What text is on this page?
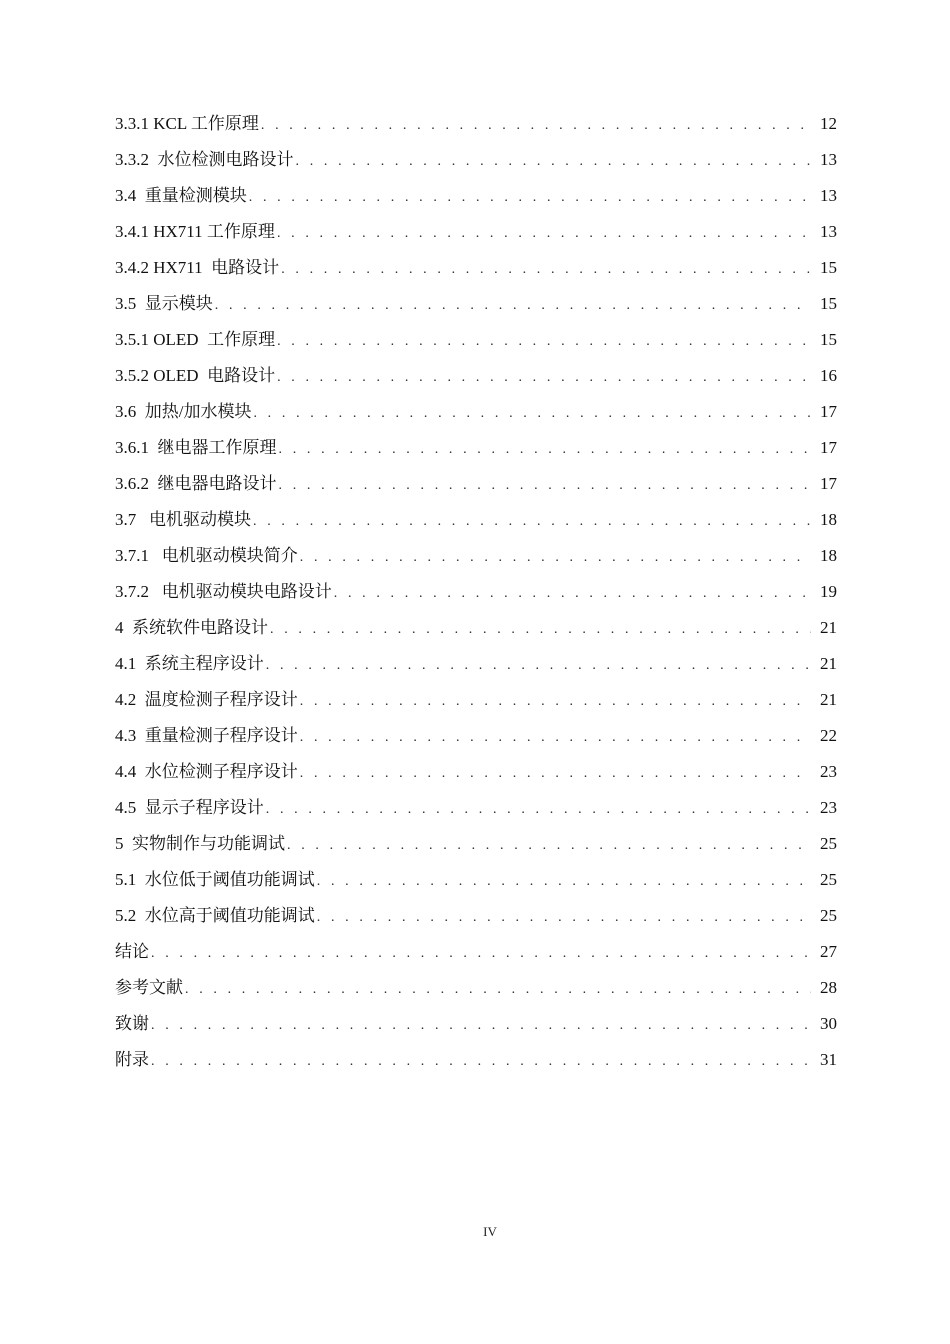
3.3.1 KCL 工作原理 . . .	12
3.3.2  水位检测电路设计 . . .	13
3.4  重量检测模块 . . .	13
3.4.1 HX711 工作原理 . . .	13
3.4.2 HX711  电路设计 . . .	15
3.5  显示模块 . . .	15
3.5.1 OLED  工作原理 . . .	15
3.5.2 OLED  电路设计 . . .	16
3.6  加热/加水模块 . . .	17
3.6.1  继电器工作原理 . . .	17
3.6.2  继电器电路设计 . . .	17
3.7   电机驱动模块 . . .	18
3.7.1   电机驱动模块简介 . . .	18
3.7.2   电机驱动模块电路设计 . . .	19
4  系统软件电路设计 . . .	21
4.1  系统主程序设计 . . .	21
4.2  温度检测子程序设计 . . .	21
4.3  重量检测子程序设计 . . .	22
4.4  水位检测子程序设计 . . .	23
4.5  显示子程序设计 . . .	23
5  实物制作与功能调试 . . .	25
5.1  水位低于阈值功能调试 . . .	25
5.2  水位高于阈值功能调试 . . .	25
结论 . . .	27
参考文献 . . .	28
致谢 . . .	30
附录 . . .	31
IV
